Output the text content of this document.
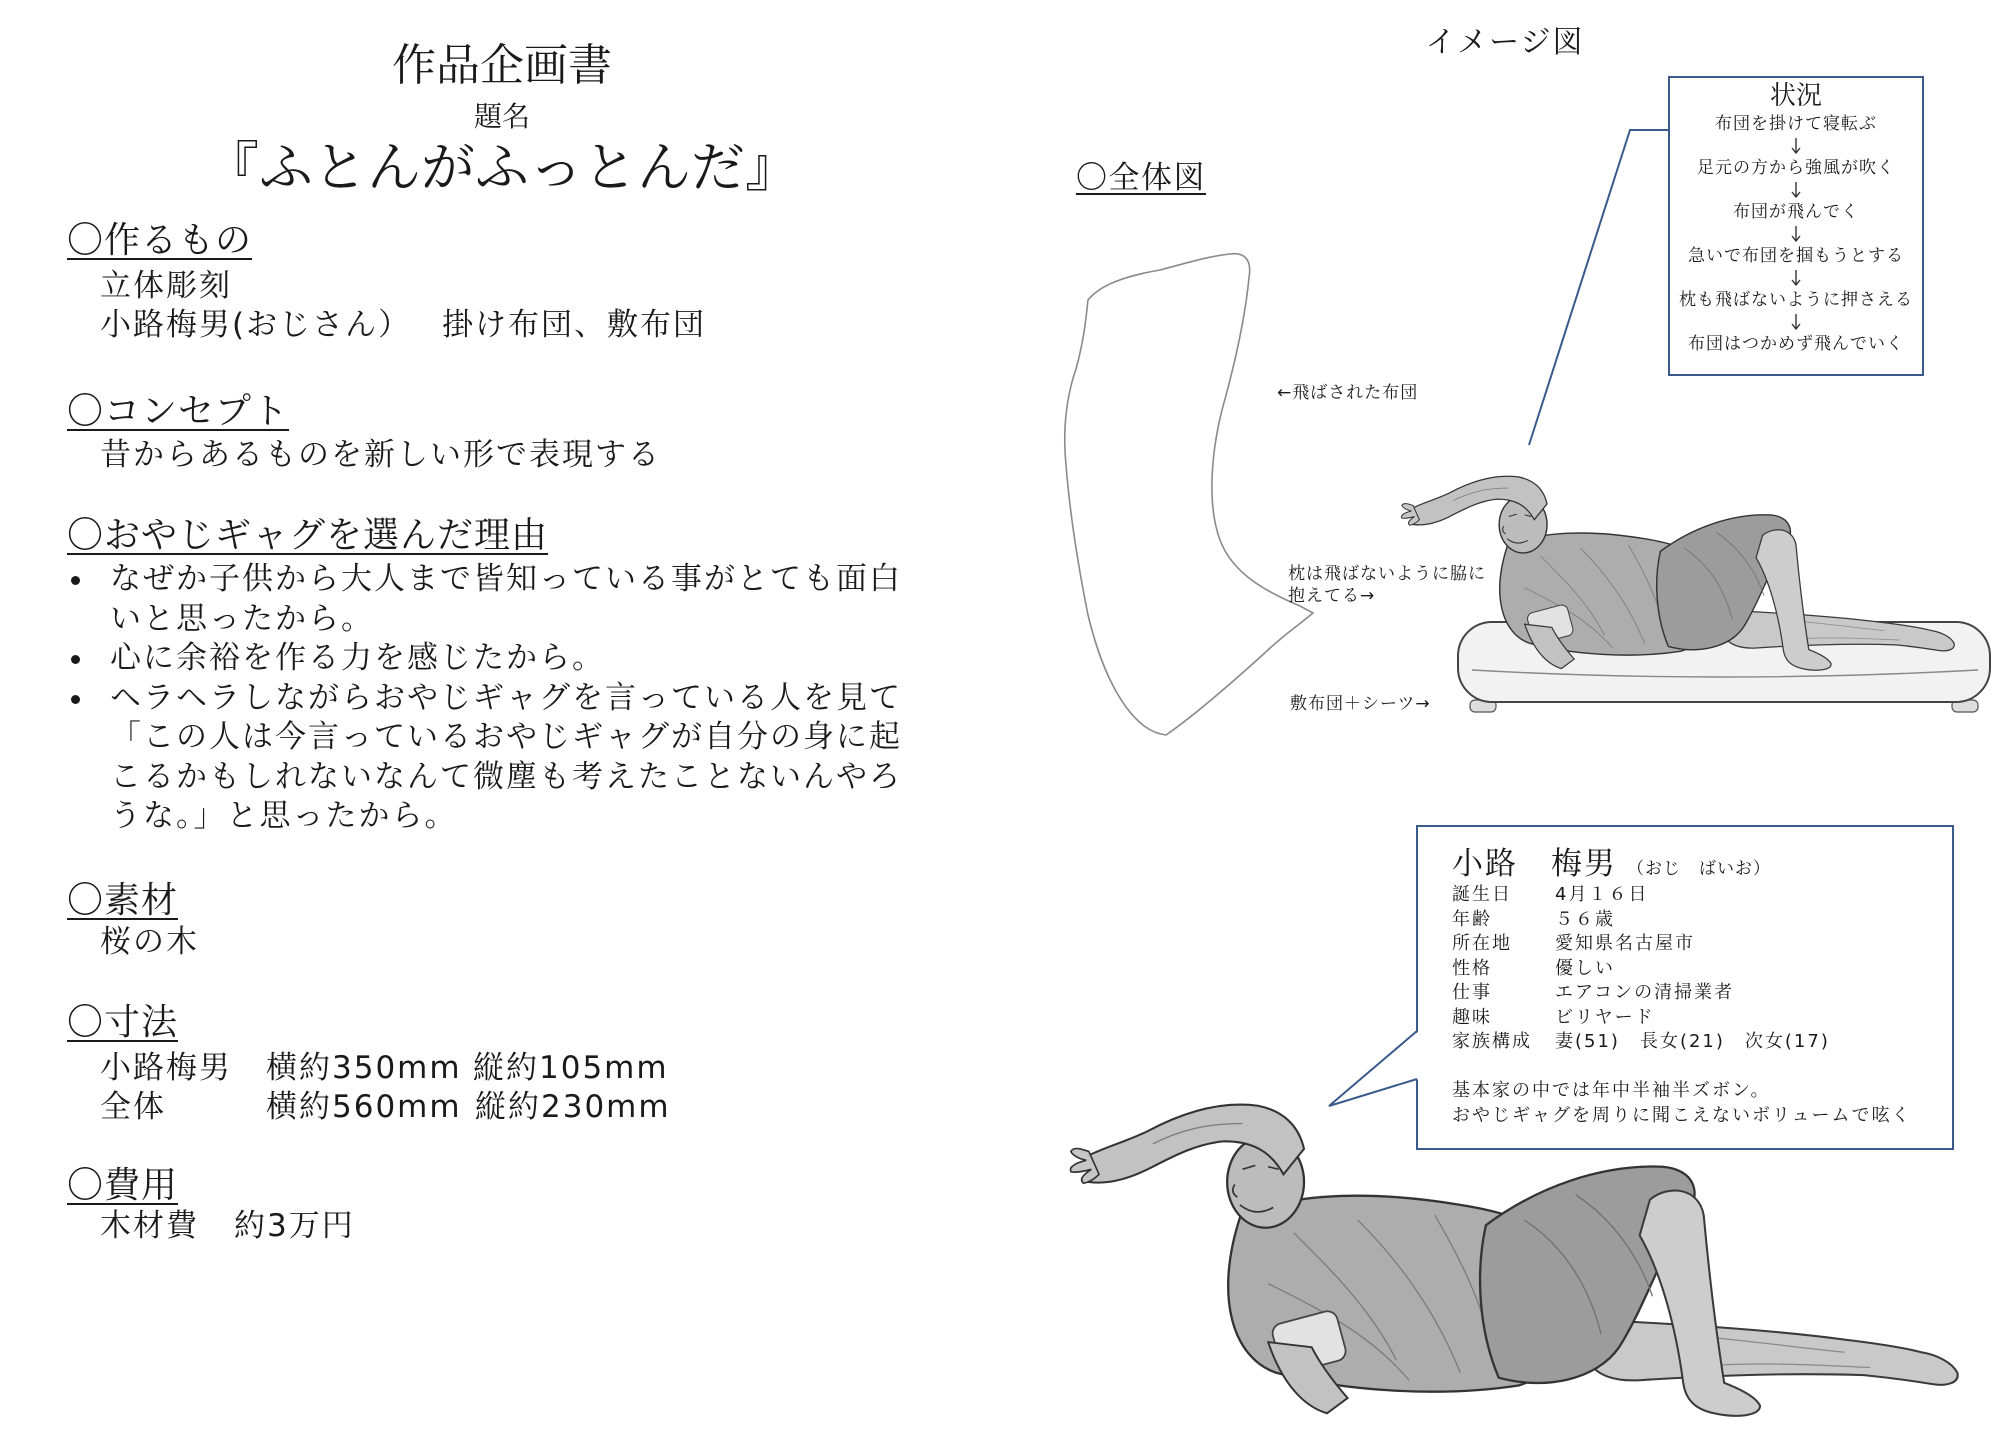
作品企画書
題名
『ふとんがふっとんだ』
〇作るもの
立体彫刻
小路梅男(おじさん） 掛け布団、敷布団
〇コンセプト
昔からあるものを新しい形で表現する
〇おやじギャグを選んだ理由
なぜか子供から大人まで皆知っている事がとても面白いと思ったから。
心に余裕を作る力を感じたから。
ヘラヘラしながらおやじギャグを言っている人を見て「この人は今言っているおやじギャグが自分の身に起こるかもしれないなんて微塵も考えたことないんやろうな。」と思ったから。
〇素材
桜の木
〇寸法
小路梅男 横約350mm 縦約105mm
全体	横約560mm 縦約230mm
〇費用
木材費 約3万円
イメージ図
〇全体図
←飛ばされた布団
枕は飛ばないように脇に
抱えてる→
敷布団＋シーツ→
状況
布団を掛けて寝転ぶ
足元の方から強風が吹く
布団が飛んでく
急いで布団を掴もうとする
枕も飛ばないように押さえる
布団はつかめず飛んでいく
小路　梅男 （おじ　ばいお）
誕生日	4月１６日
年齢	５６歳
所在地	愛知県名古屋市
性格	優しい
仕事	エアコンの清掃業者
趣味	ビリヤード
家族構成	妻(51)　長女(21)　次女(17)
基本家の中では年中半袖半ズボン。
おやじギャグを周りに聞こえないボリュームで呟く
